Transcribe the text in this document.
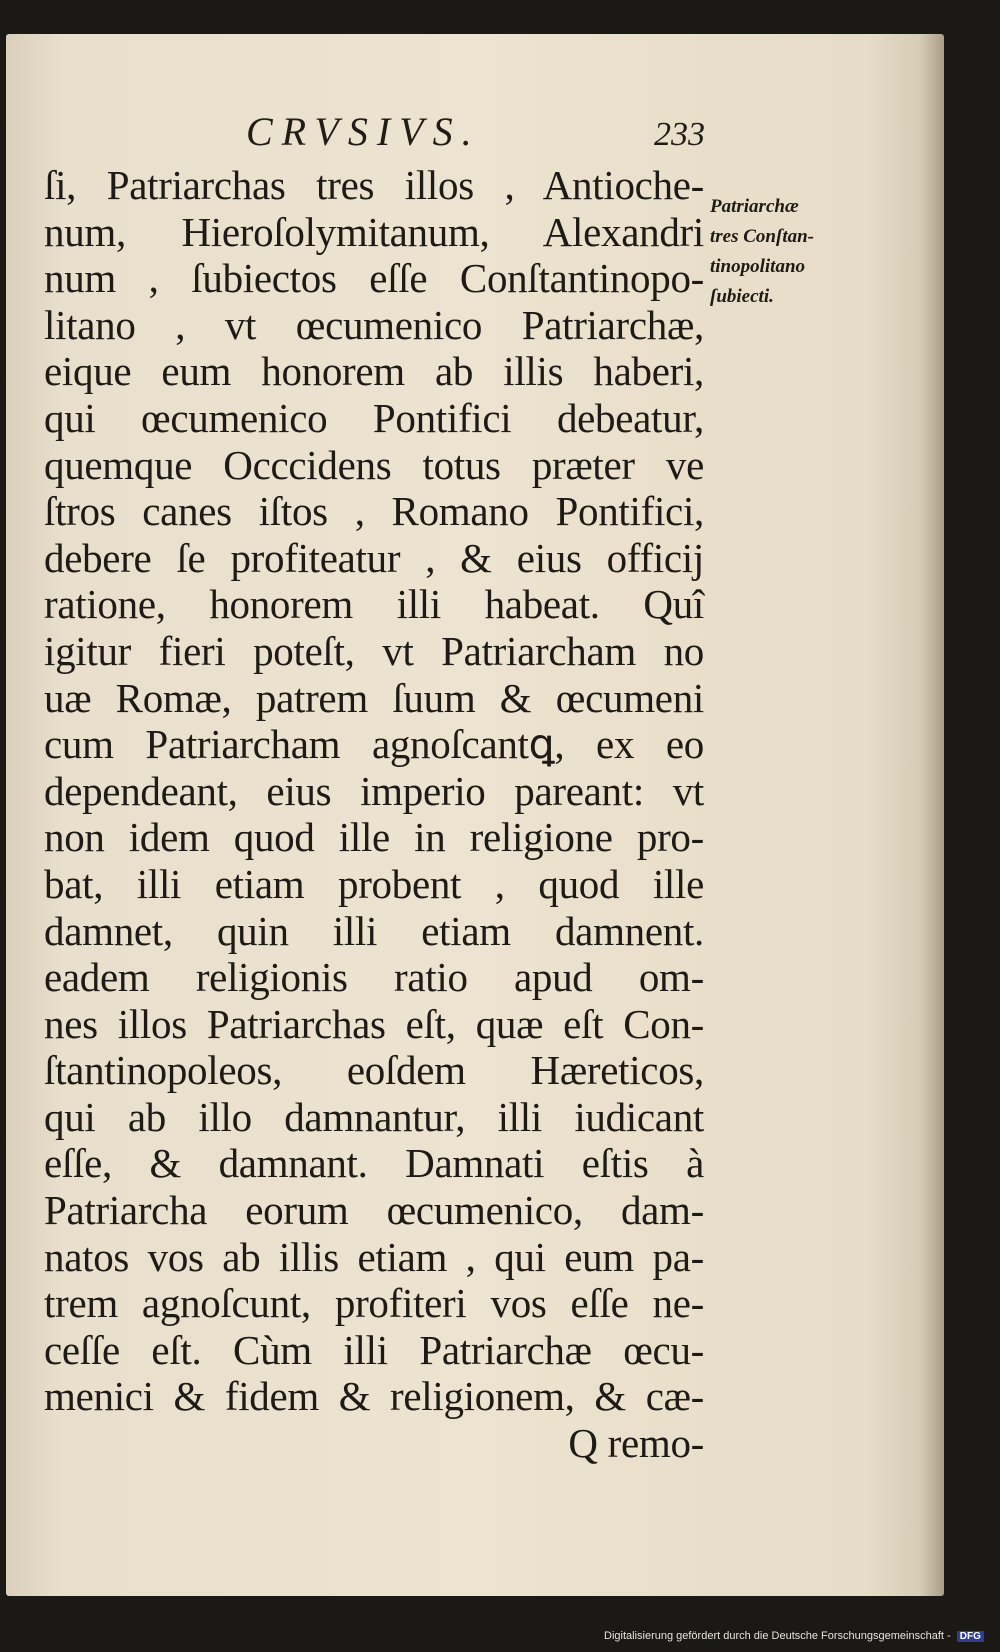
CRVSIVS.	233
ſi, Patriarchas tres illos , Antioche-
num, Hieroſolymitanum, Alexandri
num , ſubiectos eſſe Conſtantinopo-
litano , vt œcumenico Patriarchæ,
eique eum honorem ab illis haberi,
qui œcumenico Pontifici debeatur,
quemque Occcidens totus præter ve
ſtros canes iſtos , Romano Pontifici,
debere ſe profiteatur , & eius officij
ratione, honorem illi habeat. Quî
igitur fieri poteſt, vt Patriarcham no
uæ Romæ, patrem ſuum & œcumeni
cum Patriarcham agnoſcantꝗ, ex eo
dependeant, eius imperio pareant: vt
non idem quod ille in religione pro-
bat, illi etiam probent , quod ille
damnet, quin illi etiam damnent.
eadem religionis ratio apud om-
nes illos Patriarchas eſt, quæ eſt Con-
ſtantinopoleos, eoſdem Hæreticos,
qui ab illo damnantur, illi iudicant
eſſe, & damnant. Damnati eſtis à
Patriarcha eorum œcumenico, dam-
natos vos ab illis etiam , qui eum pa-
trem agnoſcunt, profiteri vos eſſe ne-
ceſſe eſt. Cùm illi Patriarchæ œcu-
menici & fidem & religionem, & cæ-
Q remo-
Patriarchæ
tres Conſtan-
tinopolitano
ſubiecti.
Digitalisierung gefördert durch die Deutsche Forschungsgemeinschaft - DFG
